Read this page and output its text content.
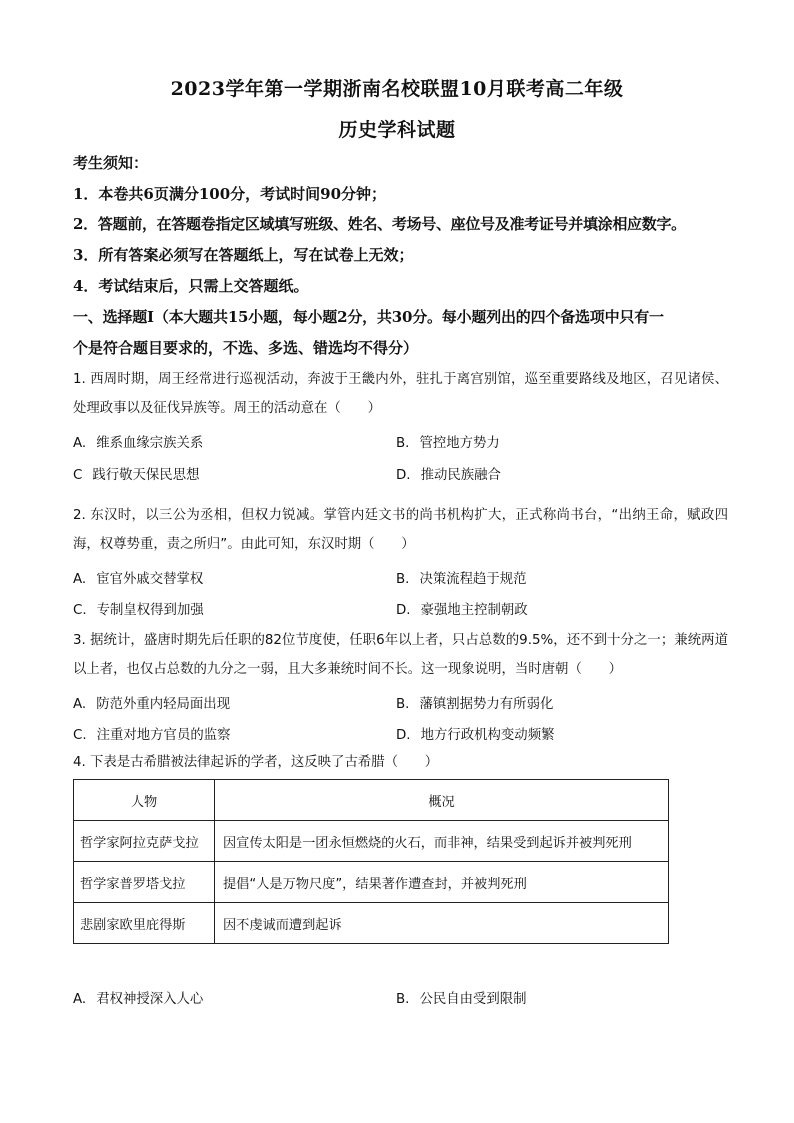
2023学年第一学期浙南名校联盟10月联考高二年级
历史学科试题
考生须知：
1．本卷共6页满分100分，考试时间90分钟；
2．答题前，在答题卷指定区域填写班级、姓名、考场号、座位号及准考证号并填涂相应数字。
3．所有答案必须写在答题纸上，写在试卷上无效；
4．考试结束后，只需上交答题纸。
一、选择题Ⅰ（本大题共15小题，每小题2分，共30分。每小题列出的四个备选项中只有一
个是符合题目要求的，不选、多选、错选均不得分）
1. 西周时期，周王经常进行巡视活动，奔波于王畿内外，驻扎于离宫别馆，巡至重要路线及地区，召见诸侯、处理政事以及征伐异族等。周王的活动意在（　　）
A. 维系血缘宗族关系	B. 管控地方势力
C 践行敬天保民思想	D. 推动民族融合
2. 东汉时，以三公为丞相，但权力锐减。掌管内廷文书的尚书机构扩大，正式称尚书台，“出纳王命，赋政四海，权尊势重，责之所归”。由此可知，东汉时期（　　）
A. 宦官外戚交替掌权	B. 决策流程趋于规范
C. 专制皇权得到加强	D. 豪强地主控制朝政
3. 据统计，盛唐时期先后任职的82位节度使，任职6年以上者，只占总数的9.5%，还不到十分之一；兼统两道以上者，也仅占总数的九分之一弱，且大多兼统时间不长。这一现象说明，当时唐朝（　　）
A. 防范外重内轻局面出现	B. 藩镇割据势力有所弱化
C. 注重对地方官员的监察	D. 地方行政机构变动频繁
4. 下表是古希腊被法律起诉的学者，这反映了古希腊（　　）
人物	概况
哲学家阿拉克萨戈拉	因宣传太阳是一团永恒燃烧的火石，而非神，结果受到起诉并被判死刑
哲学家普罗塔戈拉	提倡“人是万物尺度”，结果著作遭查封，并被判死刑
悲剧家欧里庇得斯	因不虔诚而遭到起诉
A. 君权神授深入人心	B. 公民自由受到限制
